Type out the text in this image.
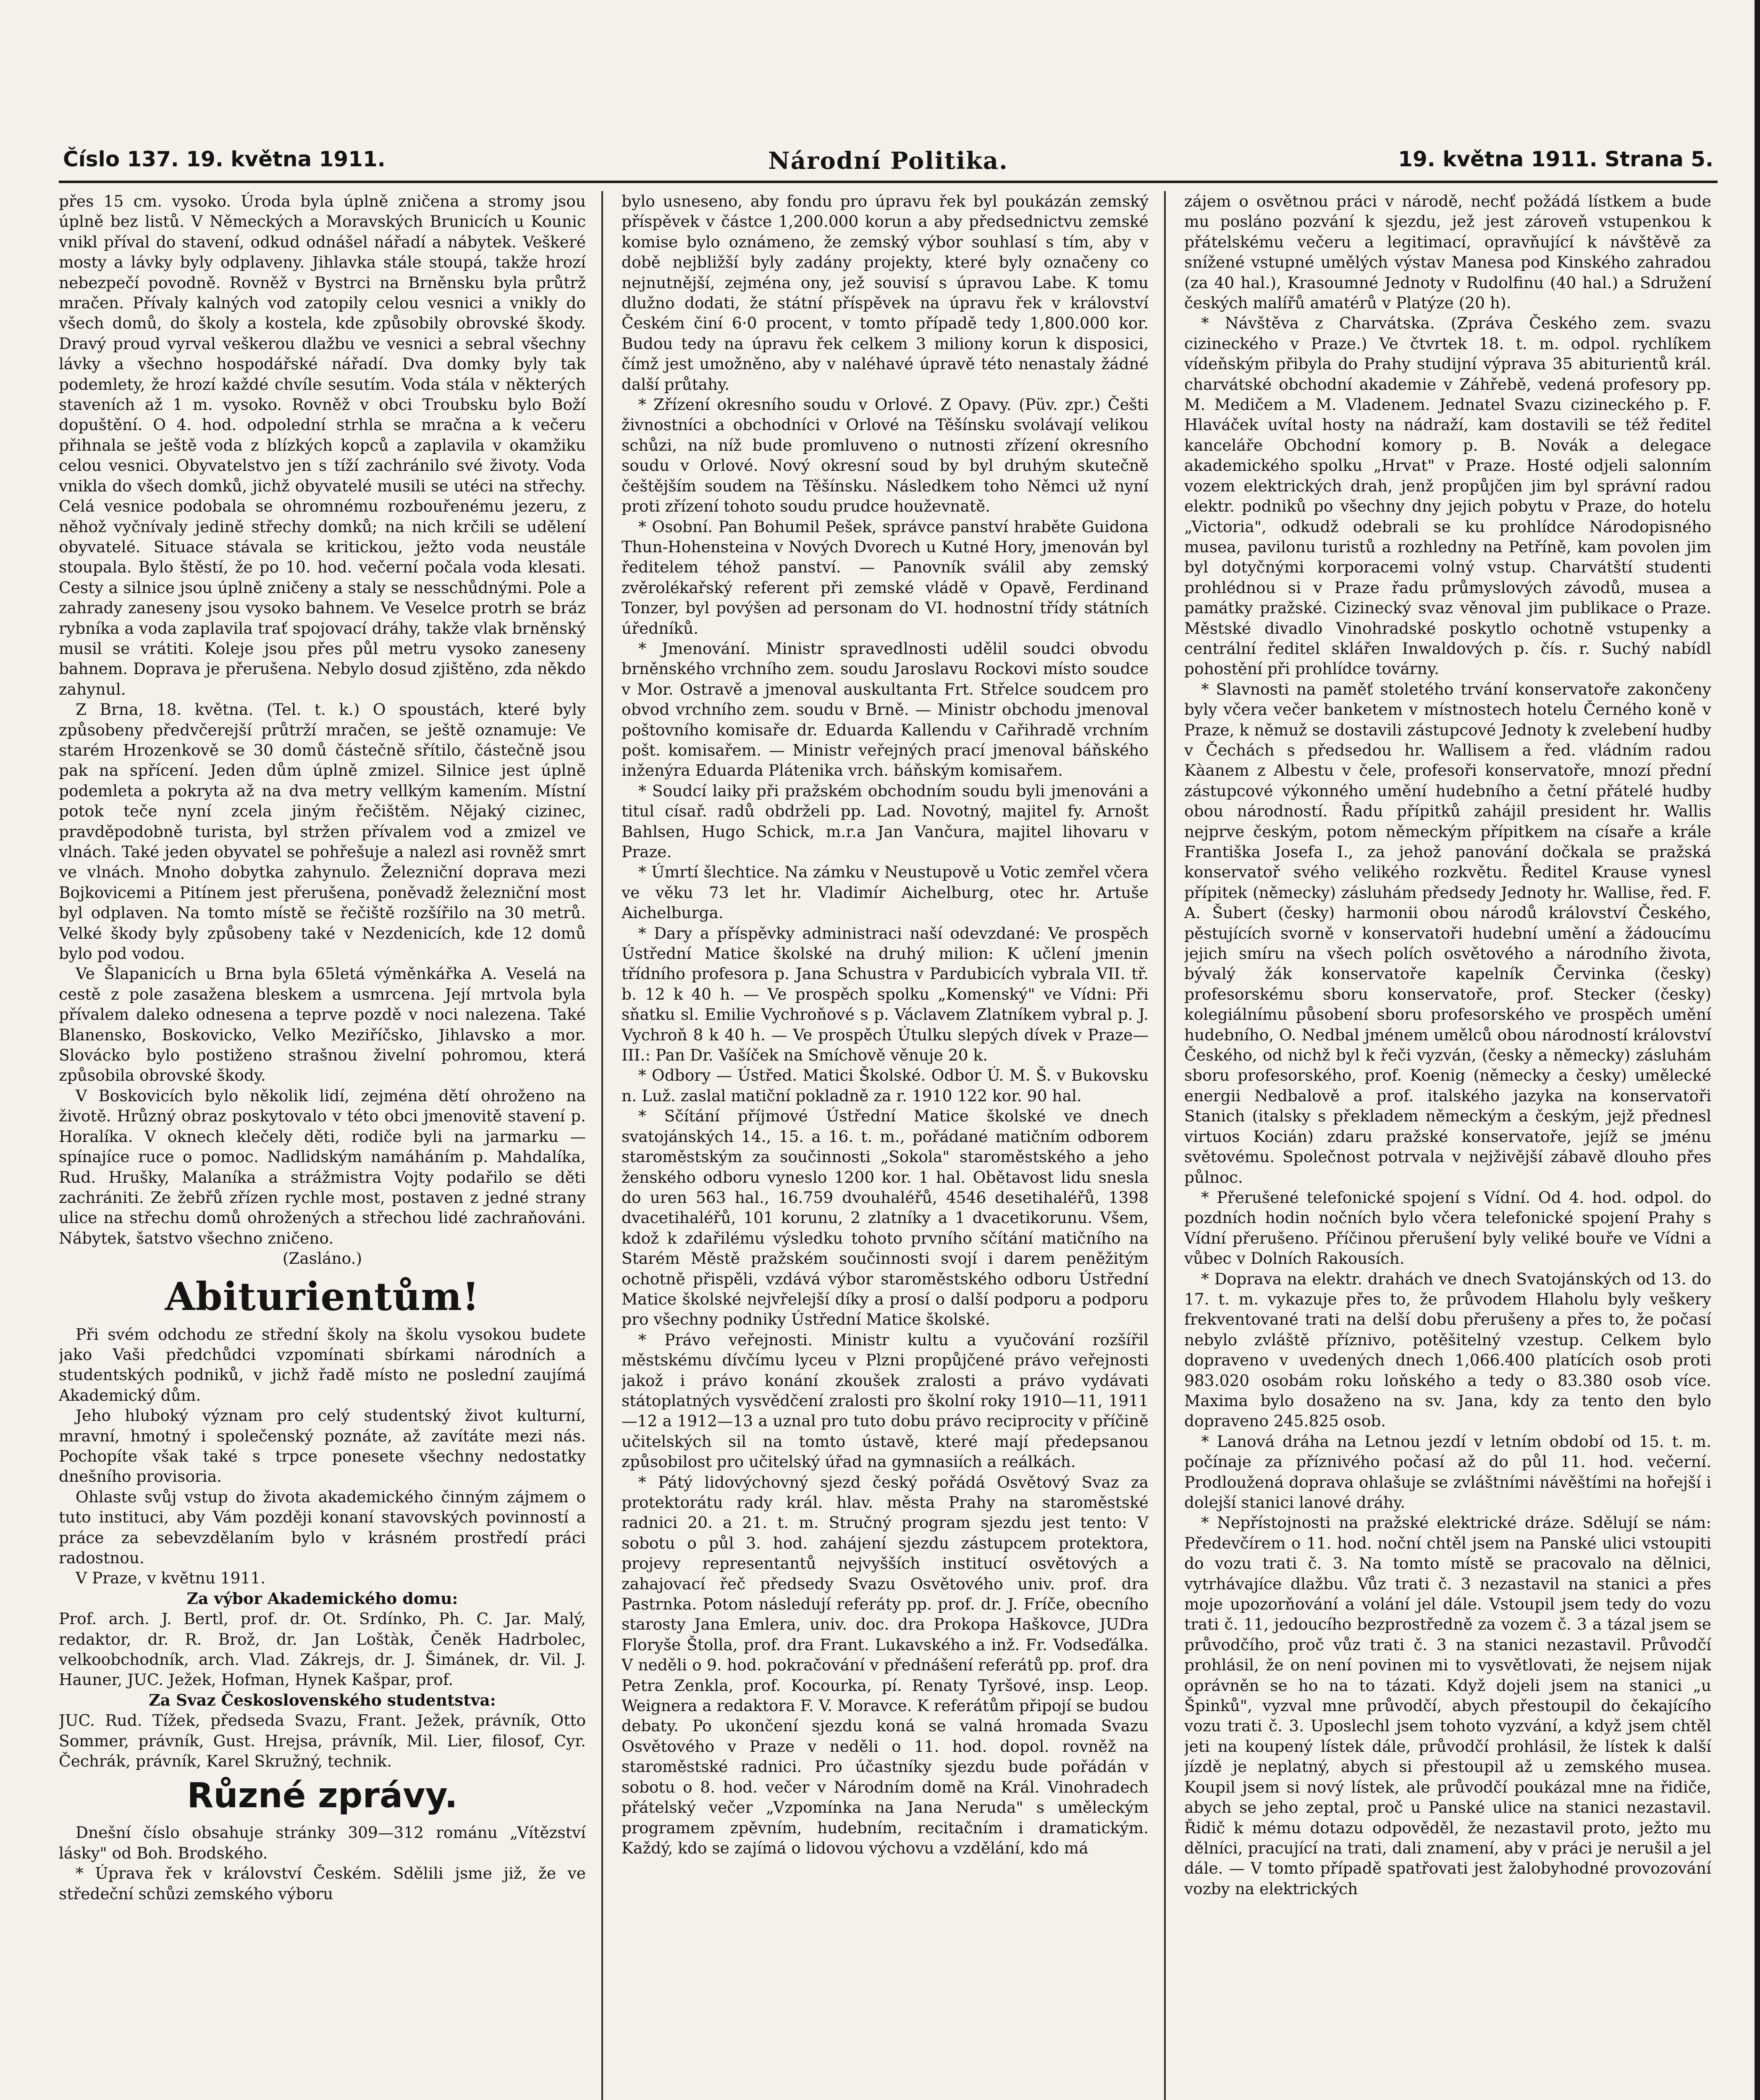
Číslo 137. 19. května 1911.	Národní Politika.	19. května 1911. Strana 5.

přes 15 cm. vysoko. Úroda byla úplně zničena a stromy jsou úplně bez listů. V Německých a Moravských Brunicích u Kounic vnikl příval do stavení, odkud odnášel nářadí a nábytek. Veškeré mosty a lávky byly odplaveny. Jihlavka stále stoupá, takže hrozí nebezpečí povodně. Rovněž v Bystrci na Brněnsku byla průtrž mračen. Přívaly kalných vod zatopily celou vesnici a vnikly do všech domů, do školy a kostela, kde způsobily obrovské škody. Dravý proud vyrval veškerou dlažbu ve vesnici a sebral všechny lávky a všechno hospodářské nářadí. Dva domky byly tak podemlety, že hrozí každé chvíle sesutím. Voda stála v některých staveních až 1 m. vysoko. Rovněž v obci Troubsku bylo Boží dopuštění. O 4. hod. odpolední strhla se mračna a k večeru přihnala se ještě voda z blízkých kopců a zaplavila v okamžiku celou vesnici. Obyvatelstvo jen s tíží zachránilo své životy. Voda vnikla do všech domků, jichž obyvatelé musili se utéci na střechy. Celá vesnice podobala se ohromnému rozbouřenému jezeru, z něhož vyčnívaly jedině střechy domků; na nich krčili se udělení obyvatelé. Situace stávala se kritickou, ježto voda neustále stoupala. Bylo štěstí, že po 10. hod. večerní počala voda klesati. Cesty a silnice jsou úplně zničeny a staly se nesschůdnými. Pole a zahrady zaneseny jsou vysoko bahnem. Ve Veselce protrh se bráz rybníka a voda zaplavila trať spojovací dráhy, takže vlak brněnský musil se vrátiti. Koleje jsou přes půl metru vysoko zaneseny bahnem. Doprava je přerušena. Nebylo dosud zjištěno, zda někdo zahynul.

Z Brna, 18. května. (Tel. t. k.) O spoustách, které byly způsobeny předvčerejší průtrží mračen, se ještě oznamuje: Ve starém Hrozenkově se 30 domů částečně sřítilo, částečně jsou pak na spřícení. Jeden dům úplně zmizel. Silnice jest úplně podemleta a pokryta až na dva metry vellkým kamením. Místní potok teče nyní zcela jiným řečištěm. Nějaký cizinec, pravděpodobně turista, byl stržen přívalem vod a zmizel ve vlnách. Také jeden obyvatel se pohřešuje a nalezl asi rovněž smrt ve vlnách. Mnoho dobytka zahynulo. Železniční doprava mezi Bojkovicemi a Pitínem jest přerušena, poněvadž železniční most byl odplaven. Na tomto místě se řečiště rozšířilo na 30 metrů. Velké škody byly způsobeny také v Nezdenicích, kde 12 domů bylo pod vodou.

Ve Šlapanicích u Brna byla 65letá výměnkářka A. Veselá na cestě z pole zasažena bleskem a usmrcena. Její mrtvola byla přívalem daleko odnesena a teprve pozdě v noci nalezena. Také Blanensko, Boskovicko, Velko Meziříčsko, Jihlavsko a mor. Slovácko bylo postiženo strašnou živelní pohromou, která způsobila obrovské škody.

V Boskovicích bylo několik lidí, zejména dětí ohroženo na životě. Hrůzný obraz poskytovalo v této obci jmenovitě stavení p. Horalíka. V oknech klečely děti, rodiče byli na jarmarku — spínajíce ruce o pomoc. Nadlidským namáháním p. Mahdalíka, Rud. Hrušky, Malaníka a strážmistra Vojty podařilo se děti zachrániti. Ze žebřů zřízen rychle most, postaven z jedné strany ulice na střechu domů ohrožených a střechou lidé zachraňováni. Nábytek, šatstvo všechno zničeno.

(Zasláno.)
Abiturientům!

Při svém odchodu ze střední školy na školu vysokou budete jako Vaši předchůdci vzpomínati sbírkami národních a studentských podniků, v jichž řadě místo ne poslední zaujímá Akademický dům.

Jeho hluboký význam pro celý studentský život kulturní, mravní, hmotný i společenský poznáte, až zavítáte mezi nás. Pochopíte však také s trpce ponesete všechny nedostatky dnešního provisoria.

Ohlaste svůj vstup do života akademického činným zájmem o tuto instituci, aby Vám později konaní stavovských povinností a práce za sebevzdělaním bylo v krásném prostředí práci radostnou.

V Praze, v květnu 1911.

Za výbor Akademického domu:

Prof. arch. J. Bertl, prof. dr. Ot. Srdínko, Ph. C. Jar. Malý, redaktor, dr. R. Brož, dr. Jan Loštàk, Čeněk Hadrbolec, velkoobchodník, arch. Vlad. Zákrejs, dr. J. Šimánek, dr. Vil. J. Hauner, JUC. Ježek, Hofman, Hynek Kašpar, prof.

Za Svaz Československého studentstva:

JUC. Rud. Tížek, předseda Svazu, Frant. Ježek, právník, Otto Sommer, právník, Gust. Hrejsa, právník, Mil. Lier, filosof, Cyr. Čechrák, právník, Karel Skružný, technik.

Různé zprávy.

Dnešní číslo obsahuje stránky 309—312 románu „Vítězství lásky" od Boh. Brodského.

* Úprava řek v království Českém. Sdělili jsme již, že ve středeční schůzi zemského výboru

bylo usneseno, aby fondu pro úpravu řek byl poukázán zemský příspěvek v částce 1,200.000 korun a aby předsednictvu zemské komise bylo oznámeno, že zemský výbor souhlasí s tím, aby v době nejbližší byly zadány projekty, které byly označeny co nejnutnější, zejména ony, jež souvisí s úpravou Labe. K tomu dlužno dodati, že státní příspěvek na úpravu řek v království Českém činí 6·0 procent, v tomto případě tedy 1,800.000 kor. Budou tedy na úpravu řek celkem 3 miliony korun k disposici, čímž jest umožněno, aby v naléhavé úpravě této nenastaly žádné další průtahy.

* Zřízení okresního soudu v Orlové. Z Opavy. (Püv. zpr.) Češti živnostníci a obchodníci v Orlové na Těšínsku svolávají velikou schůzi, na níž bude promluveno o nutnosti zřízení okresního soudu v Orlové. Nový okresní soud by byl druhým skutečně češtějším soudem na Těšínsku. Následkem toho Němci už nyní proti zřízení tohoto soudu prudce houževnatě.

* Osobní. Pan Bohumil Pešek, správce panství hraběte Guidona Thun-Hohensteina v Nových Dvorech u Kutné Hory, jmenován byl ředitelem téhož panství. — Panovník sválil aby zemský zvěrolékařský referent při zemské vládě v Opavě, Ferdinand Tonzer, byl povýšen ad personam do VI. hodnostní třídy státních úředníků.

* Jmenování. Ministr spravedlnosti udělil soudci obvodu brněnského vrchního zem. soudu Jaroslavu Rockovi místo soudce v Mor. Ostravě a jmenoval auskultanta Frt. Střelce soudcem pro obvod vrchního zem. soudu v Brně. — Ministr obchodu jmenoval poštovního komisaře dr. Eduarda Kallendu v Cařihradě vrchním pošt. komisařem. — Ministr veřejných prací jmenoval báňského inženýra Eduarda Plátenika vrch. báňským komisařem.

* Soudcí laiky při pražském obchodním soudu byli jmenováni a titul císař. radů obdrželi pp. Lad. Novotný, majitel fy. Arnošt Bahlsen, Hugo Schick, m.r.a Jan Vančura, majitel lihovaru v Praze.

* Úmrtí šlechtice. Na zámku v Neustupově u Votic zemřel včera ve věku 73 let hr. Vladimír Aichelburg, otec hr. Artuše Aichelburga.

* Dary a příspěvky administraci naší odevzdané: Ve prospěch Ústřední Matice školské na druhý milion: K učlení jmenin třídního profesora p. Jana Schustra v Pardubicích vybrala VII. tř. b. 12 k 40 h. — Ve prospěch spolku „Komenský" ve Vídni: Při sňatku sl. Emilie Vychroňové s p. Václavem Zlatníkem vybral p. J. Vychroň 8 k 40 h. — Ve prospěch Útulku slepých dívek v Praze—III.: Pan Dr. Vašíček na Smíchově věnuje 20 k.

* Odbory — Ústřed. Matici Školské. Odbor Ú. M. Š. v Bukovsku n. Luž. zaslal matiční pokladně za r. 1910 122 kor. 90 hal.

* Sčítání příjmové Ústřední Matice školské ve dnech svatojánských 14., 15. a 16. t. m., pořádané matičním odborem staroměstským za součinnosti „Sokola" staroměstského a jeho ženského odboru vyneslo 1200 kor. 1 hal. Obětavost lidu snesla do uren 563 hal., 16.759 dvouhaléřů, 4546 desetihaléřů, 1398 dvacetihaléřů, 101 korunu, 2 zlatníky a 1 dvacetikorunu. Všem, kdož k zdařilému výsledku tohoto prvního sčítání matičního na Starém Městě pražském součinnosti svojí i darem peněžitým ochotně přispěli, vzdává výbor staroměstského odboru Ústřední Matice školské nejvřelejší díky a prosí o další podporu a podporu pro všechny podniky Ústřední Matice školské.

* Právo veřejnosti. Ministr kultu a vyučování rozšířil městskému dívčímu lyceu v Plzni propůjčené právo veřejnosti jakož i právo konání zkoušek zralosti a právo vydávati státoplatných vysvědčení zralosti pro školní roky 1910—11, 1911—12 a 1912—13 a uznal pro tuto dobu právo reciprocity v příčině učitelských sil na tomto ústavě, které mají předepsanou způsobilost pro učitelský úřad na gymnasiích a reálkách.

* Pátý lidovýchovný sjezd český pořádá Osvětový Svaz za protektorátu rady král. hlav. města Prahy na staroměstské radnici 20. a 21. t. m. Stručný program sjezdu jest tento: V sobotu o půl 3. hod. zahájení sjezdu zástupcem protektora, projevy representantů nejvyšších institucí osvětových a zahajovací řeč předsedy Svazu Osvětového univ. prof. dra Pastrnka. Potom následují referáty pp. prof. dr. J. Fríče, obecního starosty Jana Emlera, univ. doc. dra Prokopa Haškovce, JUDra Floryše Štolla, prof. dra Frant. Lukavského a inž. Fr. Vodseďálka. V neděli o 9. hod. pokračování v přednášení referátů pp. prof. dra Petra Zenkla, prof. Kocourka, pí. Renaty Tyršové, insp. Leop. Weignera a redaktora F. V. Moravce. K referátům připojí se budou debaty. Po ukončení sjezdu koná se valná hromada Svazu Osvětového v Praze v neděli o 11. hod. dopol. rovněž na staroměstské radnici. Pro účastníky sjezdu bude pořádán v sobotu o 8. hod. večer v Národním domě na Král. Vinohradech přátelský večer „Vzpomínka na Jana Neruda" s uměleckým programem zpěvním, hudebním, recitačním i dramatickým. Každý, kdo se zajímá o lidovou výchovu a vzdělání, kdo má

zájem o osvětnou práci v národě, nechť požádá lístkem a bude mu posláno pozvání k sjezdu, jež jest zároveň vstupenkou k přátelskému večeru a legitimací, opravňující k návštěvě za snížené vstupné umělých výstav Manesa pod Kinského zahradou (za 40 hal.), Krasoumné Jednoty v Rudolfinu (40 hal.) a Sdružení českých malířů amatérů v Platýze (20 h).

* Návštěva z Charvátska. (Zpráva Českého zem. svazu cizineckého v Praze.) Ve čtvrtek 18. t. m. odpol. rychlíkem vídeňským přibyla do Prahy studijní výprava 35 abiturientů král. charvátské obchodní akademie v Záhřebě, vedená profesory pp. M. Medičem a M. Vladenem. Jednatel Svazu cizineckého p. F. Hlaváček uvítal hosty na nádraží, kam dostavili se též ředitel kanceláře Obchodní komory p. B. Novák a delegace akademického spolku „Hrvat" v Praze. Hosté odjeli salonním vozem elektrických drah, jenž propůjčen jim byl správní radou elektr. podniků po všechny dny jejich pobytu v Praze, do hotelu „Victoria", odkudž odebrali se ku prohlídce Národopisného musea, pavilonu turistů a rozhledny na Petříně, kam povolen jim byl dotyčnými korporacemi volný vstup. Charvátští studenti prohlédnou si v Praze řadu průmyslových závodů, musea a památky pražské. Cizinecký svaz věnoval jim publikace o Praze. Městské divadlo Vinohradské poskytlo ochotně vstupenky a centrální ředitel sklářen Inwaldových p. čís. r. Suchý nabídl pohostění při prohlídce továrny.

* Slavnosti na paměť stoletého trvání konservatoře zakončeny byly včera večer banketem v místnostech hotelu Černého koně v Praze, k němuž se dostavili zástupcové Jednoty k zvelebení hudby v Čechách s předsedou hr. Wallisem a řed. vládním radou Kàanem z Albestu v čele, profesoři konservatoře, mnozí přední zástupcové výkonného umění hudebního a četní přátelé hudby obou národností. Řadu přípitků zahájil president hr. Wallis nejprve českým, potom německým přípitkem na císaře a krále Františka Josefa I., za jehož panování dočkala se pražská konservatoř svého velikého rozkvětu. Ředitel Krause vynesl přípitek (německy) zásluhám předsedy Jednoty hr. Wallise, řed. F. A. Šubert (česky) harmonii obou národů království Českého, pěstujících svorně v konservatoři hudební umění a žádoucímu jejich smíru na všech polích osvětového a národního života, bývalý žák konservatoře kapelník Červinka (česky) profesorskému sboru konservatoře, prof. Stecker (česky) kolegiálnímu působení sboru profesorského ve prospěch umění hudebního, O. Nedbal jménem umělců obou národností království Českého, od nichž byl k řeči vyzván, (česky a německy) zásluhám sboru profesorského, prof. Koenig (německy a česky) umělecké energii Nedbalově a prof. italského jazyka na konservatoři Stanich (italsky s překladem německým a českým, jejž přednesl virtuos Kocián) zdaru pražské konservatoře, jejíž se jménu světovému. Společnost potrvala v nejživější zábavě dlouho přes půlnoc.

* Přerušené telefonické spojení s Vídní. Od 4. hod. odpol. do pozdních hodin nočních bylo včera telefonické spojení Prahy s Vídní přerušeno. Příčinou přerušení byly veliké bouře ve Vídni a vůbec v Dolních Rakousích.

* Doprava na elektr. drahách ve dnech Svatojánských od 13. do 17. t. m. vykazuje přes to, že průvodem Hlaholu byly veškery frekventované trati na delší dobu přerušeny a přes to, že počasí nebylo zvláště příznivo, potěšitelný vzestup. Celkem bylo dopraveno v uvedených dnech 1,066.400 platících osob proti 983.020 osobám roku loňského a tedy o 83.380 osob více. Maxima bylo dosaženo na sv. Jana, kdy za tento den bylo dopraveno 245.825 osob.

* Lanová dráha na Letnou jezdí v letním období od 15. t. m. počínaje za příznivého počasí až do půl 11. hod. večerní. Prodloužená doprava ohlašuje se zvláštními návěštími na hořejší i dolejší stanici lanové dráhy.

* Nepřístojnosti na pražské elektrické dráze. Sdělují se nám: Předevčírem o 11. hod. noční chtěl jsem na Panské ulici vstoupiti do vozu trati č. 3. Na tomto místě se pracovalo na dělnici, vytrhávajíce dlažbu. Vůz trati č. 3 nezastavil na stanici a přes moje upozorňování a volání jel dále. Vstoupil jsem tedy do vozu trati č. 11, jedoucího bezprostředně za vozem č. 3 a tázal jsem se průvodčího, proč vůz trati č. 3 na stanici nezastavil. Průvodčí prohlásil, že on není povinen mi to vysvětlovati, že nejsem nijak oprávněn se ho na to tázati. Když dojeli jsem na stanici „u Špinků", vyzval mne průvodčí, abych přestoupil do čekajícího vozu trati č. 3. Uposlechl jsem tohoto vyzvání, a když jsem chtěl jeti na koupený lístek dále, průvodčí prohlásil, že lístek k další jízdě je neplatný, abych si přestoupil až u zemského musea. Koupil jsem si nový lístek, ale průvodčí poukázal mne na řidiče, abych se jeho zeptal, proč u Panské ulice na stanici nezastavil. Řidič k mému dotazu odpověděl, že nezastavil proto, ježto mu dělníci, pracující na trati, dali znamení, aby v práci je nerušil a jel dále. — V tomto případě spatřovati jest žalobyhodné provozování vozby na elektrických
